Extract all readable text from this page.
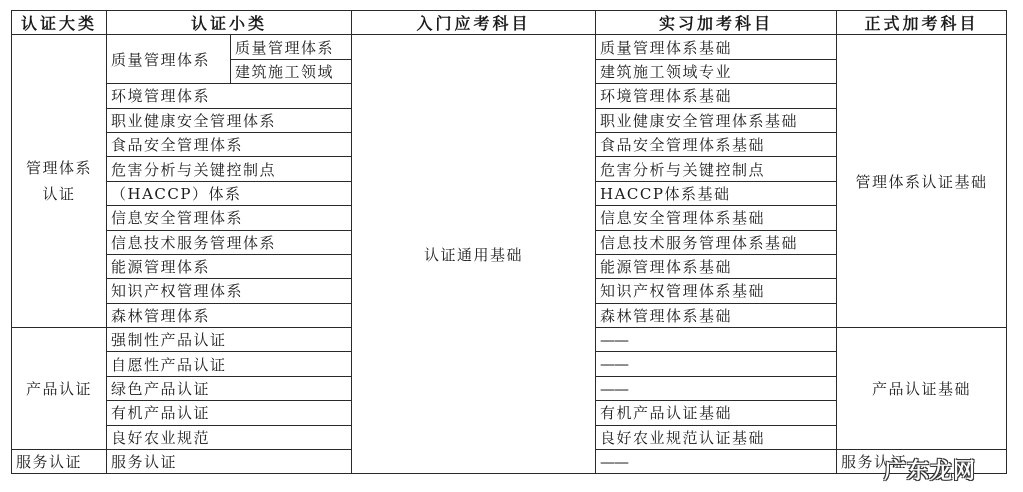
认证大类	认证小类		入门应考科目	实习加考科目	正式加考科目
管理体系
认证	质量管理体系	质量管理体系	认证通用基础	质量管理体系基础	管理体系认证基础
		建筑施工领域		建筑施工领域专业	
	环境管理体系			环境管理体系基础	
	职业健康安全管理体系			职业健康安全管理体系基础	
	食品安全管理体系			食品安全管理体系基础	
	危害分析与关键控制点			危害分析与关键控制点	
	（HACCP）体系			HACCP体系基础	
	信息安全管理体系			信息安全管理体系基础	
	信息技术服务管理体系			信息技术服务管理体系基础	
	能源管理体系			能源管理体系基础	
	知识产权管理体系			知识产权管理体系基础	
	森林管理体系			森林管理体系基础	
产品认证	强制性产品认证			——	产品认证基础
	自愿性产品认证			——	
	绿色产品认证			——	
	有机产品认证			有机产品认证基础	
	良好农业规范			良好农业规范认证基础	
服务认证	服务认证			——	服务认证
广东龙网
